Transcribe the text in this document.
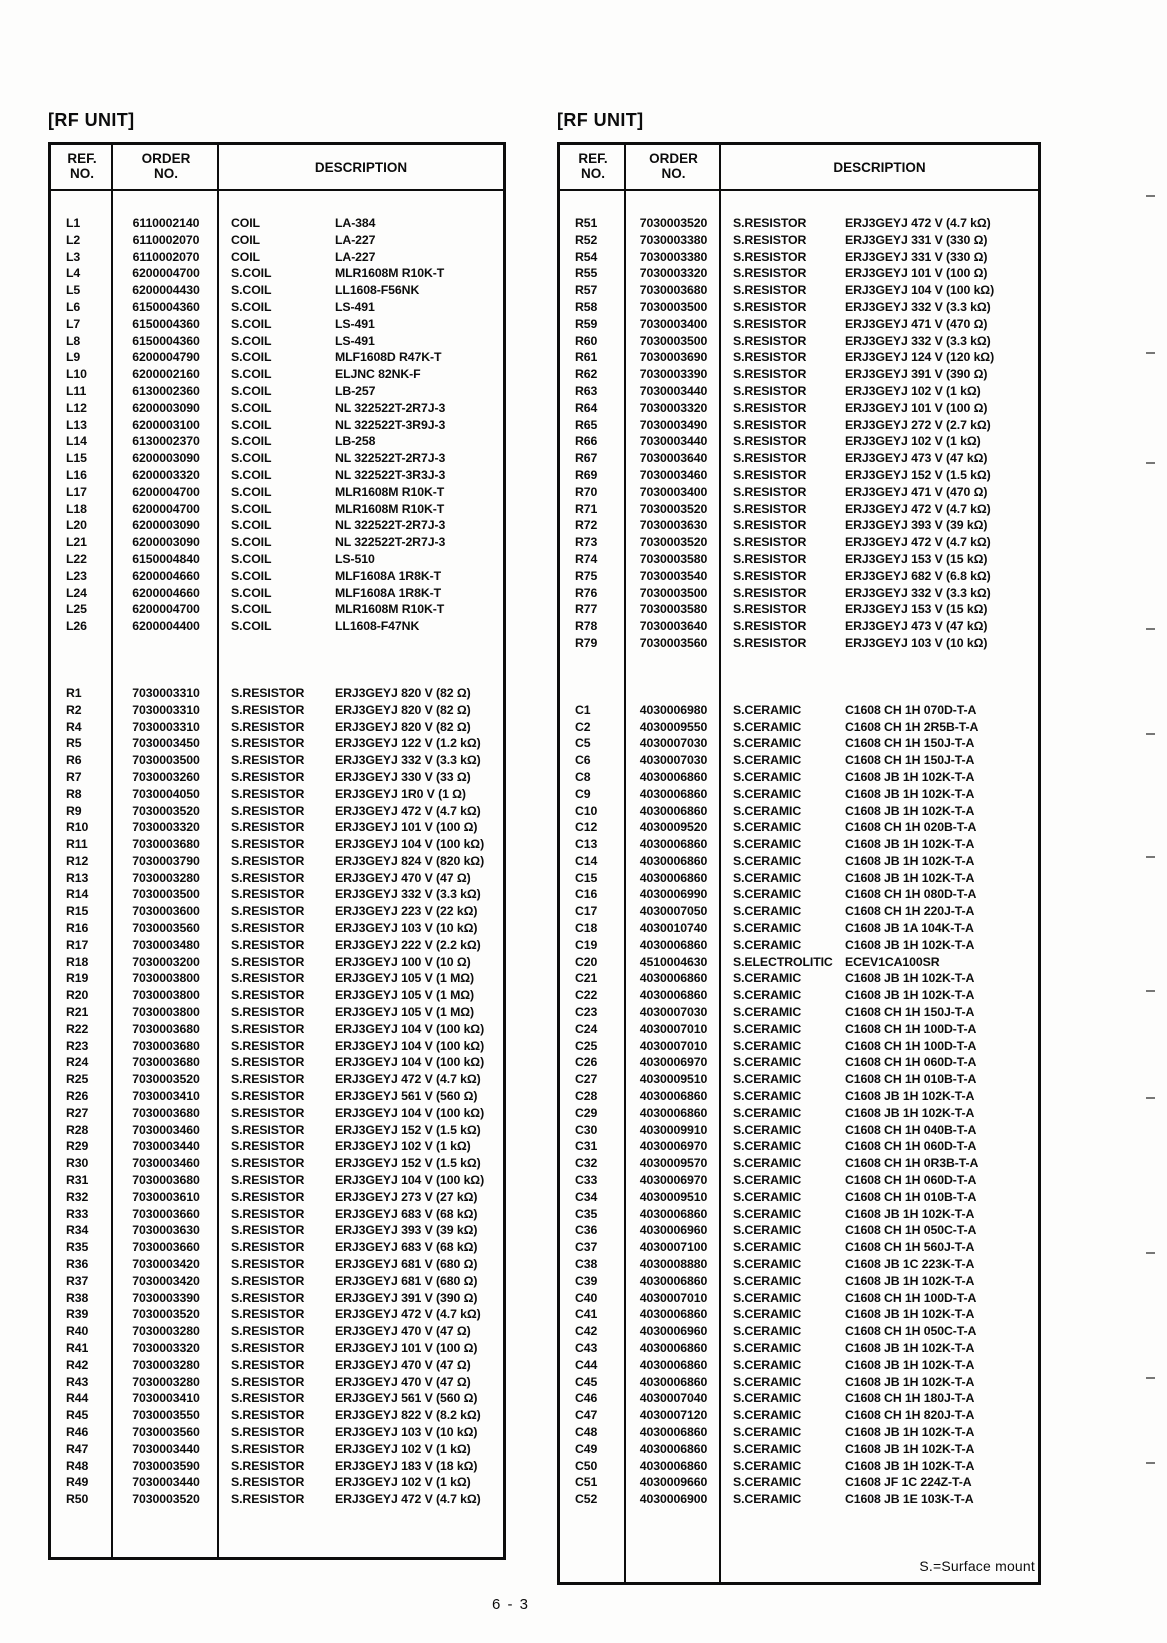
[RF UNIT]
REF.
NO.
ORDER
NO.	DESCRIPTION
L1	6110002140	COIL	LA-384
L2	6110002070	COIL	LA-227
L3	6110002070	COIL	LA-227
L4	6200004700	S.COIL	MLR1608M R10K-T
L5	6200004430	S.COIL	LL1608-F56NK
L6	6150004360	S.COIL	LS-491
L7	6150004360	S.COIL	LS-491
L8	6150004360	S.COIL	LS-491
L9	6200004790	S.COIL	MLF1608D R47K-T
L10	6200002160	S.COIL	ELJNC 82NK-F
L11	6130002360	S.COIL	LB-257
L12	6200003090	S.COIL	NL 322522T-2R7J-3
L13	6200003100	S.COIL	NL 322522T-3R9J-3
L14	6130002370	S.COIL	LB-258
L15	6200003090	S.COIL	NL 322522T-2R7J-3
L16	6200003320	S.COIL	NL 322522T-3R3J-3
L17	6200004700	S.COIL	MLR1608M R10K-T
L18	6200004700	S.COIL	MLR1608M R10K-T
L20	6200003090	S.COIL	NL 322522T-2R7J-3
L21	6200003090	S.COIL	NL 322522T-2R7J-3
L22	6150004840	S.COIL	LS-510
L23	6200004660	S.COIL	MLF1608A 1R8K-T
L24	6200004660	S.COIL	MLF1608A 1R8K-T
L25	6200004700	S.COIL	MLR1608M R10K-T
L26	6200004400	S.COIL	LL1608-F47NK
R1	7030003310	S.RESISTOR	ERJ3GEYJ 820 V (82 Ω)
R2	7030003310	S.RESISTOR	ERJ3GEYJ 820 V (82 Ω)
R4	7030003310	S.RESISTOR	ERJ3GEYJ 820 V (82 Ω)
R5	7030003450	S.RESISTOR	ERJ3GEYJ 122 V (1.2 kΩ)
R6	7030003500	S.RESISTOR	ERJ3GEYJ 332 V (3.3 kΩ)
R7	7030003260	S.RESISTOR	ERJ3GEYJ 330 V (33 Ω)
R8	7030004050	S.RESISTOR	ERJ3GEYJ 1R0 V (1 Ω)
R9	7030003520	S.RESISTOR	ERJ3GEYJ 472 V (4.7 kΩ)
R10	7030003320	S.RESISTOR	ERJ3GEYJ 101 V (100 Ω)
R11	7030003680	S.RESISTOR	ERJ3GEYJ 104 V (100 kΩ)
R12	7030003790	S.RESISTOR	ERJ3GEYJ 824 V (820 kΩ)
R13	7030003280	S.RESISTOR	ERJ3GEYJ 470 V (47 Ω)
R14	7030003500	S.RESISTOR	ERJ3GEYJ 332 V (3.3 kΩ)
R15	7030003600	S.RESISTOR	ERJ3GEYJ 223 V (22 kΩ)
R16	7030003560	S.RESISTOR	ERJ3GEYJ 103 V (10 kΩ)
R17	7030003480	S.RESISTOR	ERJ3GEYJ 222 V (2.2 kΩ)
R18	7030003200	S.RESISTOR	ERJ3GEYJ 100 V (10 Ω)
R19	7030003800	S.RESISTOR	ERJ3GEYJ 105 V (1 MΩ)
R20	7030003800	S.RESISTOR	ERJ3GEYJ 105 V (1 MΩ)
R21	7030003800	S.RESISTOR	ERJ3GEYJ 105 V (1 MΩ)
R22	7030003680	S.RESISTOR	ERJ3GEYJ 104 V (100 kΩ)
R23	7030003680	S.RESISTOR	ERJ3GEYJ 104 V (100 kΩ)
R24	7030003680	S.RESISTOR	ERJ3GEYJ 104 V (100 kΩ)
R25	7030003520	S.RESISTOR	ERJ3GEYJ 472 V (4.7 kΩ)
R26	7030003410	S.RESISTOR	ERJ3GEYJ 561 V (560 Ω)
R27	7030003680	S.RESISTOR	ERJ3GEYJ 104 V (100 kΩ)
R28	7030003460	S.RESISTOR	ERJ3GEYJ 152 V (1.5 kΩ)
R29	7030003440	S.RESISTOR	ERJ3GEYJ 102 V (1 kΩ)
R30	7030003460	S.RESISTOR	ERJ3GEYJ 152 V (1.5 kΩ)
R31	7030003680	S.RESISTOR	ERJ3GEYJ 104 V (100 kΩ)
R32	7030003610	S.RESISTOR	ERJ3GEYJ 273 V (27 kΩ)
R33	7030003660	S.RESISTOR	ERJ3GEYJ 683 V (68 kΩ)
R34	7030003630	S.RESISTOR	ERJ3GEYJ 393 V (39 kΩ)
R35	7030003660	S.RESISTOR	ERJ3GEYJ 683 V (68 kΩ)
R36	7030003420	S.RESISTOR	ERJ3GEYJ 681 V (680 Ω)
R37	7030003420	S.RESISTOR	ERJ3GEYJ 681 V (680 Ω)
R38	7030003390	S.RESISTOR	ERJ3GEYJ 391 V (390 Ω)
R39	7030003520	S.RESISTOR	ERJ3GEYJ 472 V (4.7 kΩ)
R40	7030003280	S.RESISTOR	ERJ3GEYJ 470 V (47 Ω)
R41	7030003320	S.RESISTOR	ERJ3GEYJ 101 V (100 Ω)
R42	7030003280	S.RESISTOR	ERJ3GEYJ 470 V (47 Ω)
R43	7030003280	S.RESISTOR	ERJ3GEYJ 470 V (47 Ω)
R44	7030003410	S.RESISTOR	ERJ3GEYJ 561 V (560 Ω)
R45	7030003550	S.RESISTOR	ERJ3GEYJ 822 V (8.2 kΩ)
R46	7030003560	S.RESISTOR	ERJ3GEYJ 103 V (10 kΩ)
R47	7030003440	S.RESISTOR	ERJ3GEYJ 102 V (1 kΩ)
R48	7030003590	S.RESISTOR	ERJ3GEYJ 183 V (18 kΩ)
R49	7030003440	S.RESISTOR	ERJ3GEYJ 102 V (1 kΩ)
R50	7030003520	S.RESISTOR	ERJ3GEYJ 472 V (4.7 kΩ)
[RF UNIT]
REF.
NO.
ORDER
NO.	DESCRIPTION
R51	7030003520	S.RESISTOR	ERJ3GEYJ 472 V (4.7 kΩ)
R52	7030003380	S.RESISTOR	ERJ3GEYJ 331 V (330 Ω)
R54	7030003380	S.RESISTOR	ERJ3GEYJ 331 V (330 Ω)
R55	7030003320	S.RESISTOR	ERJ3GEYJ 101 V (100 Ω)
R57	7030003680	S.RESISTOR	ERJ3GEYJ 104 V (100 kΩ)
R58	7030003500	S.RESISTOR	ERJ3GEYJ 332 V (3.3 kΩ)
R59	7030003400	S.RESISTOR	ERJ3GEYJ 471 V (470 Ω)
R60	7030003500	S.RESISTOR	ERJ3GEYJ 332 V (3.3 kΩ)
R61	7030003690	S.RESISTOR	ERJ3GEYJ 124 V (120 kΩ)
R62	7030003390	S.RESISTOR	ERJ3GEYJ 391 V (390 Ω)
R63	7030003440	S.RESISTOR	ERJ3GEYJ 102 V (1 kΩ)
R64	7030003320	S.RESISTOR	ERJ3GEYJ 101 V (100 Ω)
R65	7030003490	S.RESISTOR	ERJ3GEYJ 272 V (2.7 kΩ)
R66	7030003440	S.RESISTOR	ERJ3GEYJ 102 V (1 kΩ)
R67	7030003640	S.RESISTOR	ERJ3GEYJ 473 V (47 kΩ)
R69	7030003460	S.RESISTOR	ERJ3GEYJ 152 V (1.5 kΩ)
R70	7030003400	S.RESISTOR	ERJ3GEYJ 471 V (470 Ω)
R71	7030003520	S.RESISTOR	ERJ3GEYJ 472 V (4.7 kΩ)
R72	7030003630	S.RESISTOR	ERJ3GEYJ 393 V (39 kΩ)
R73	7030003520	S.RESISTOR	ERJ3GEYJ 472 V (4.7 kΩ)
R74	7030003580	S.RESISTOR	ERJ3GEYJ 153 V (15 kΩ)
R75	7030003540	S.RESISTOR	ERJ3GEYJ 682 V (6.8 kΩ)
R76	7030003500	S.RESISTOR	ERJ3GEYJ 332 V (3.3 kΩ)
R77	7030003580	S.RESISTOR	ERJ3GEYJ 153 V (15 kΩ)
R78	7030003640	S.RESISTOR	ERJ3GEYJ 473 V (47 kΩ)
R79	7030003560	S.RESISTOR	ERJ3GEYJ 103 V (10 kΩ)
C1	4030006980	S.CERAMIC	C1608 CH 1H 070D-T-A
C2	4030009550	S.CERAMIC	C1608 CH 1H 2R5B-T-A
C5	4030007030	S.CERAMIC	C1608 CH 1H 150J-T-A
C6	4030007030	S.CERAMIC	C1608 CH 1H 150J-T-A
C8	4030006860	S.CERAMIC	C1608 JB 1H 102K-T-A
C9	4030006860	S.CERAMIC	C1608 JB 1H 102K-T-A
C10	4030006860	S.CERAMIC	C1608 JB 1H 102K-T-A
C12	4030009520	S.CERAMIC	C1608 CH 1H 020B-T-A
C13	4030006860	S.CERAMIC	C1608 JB 1H 102K-T-A
C14	4030006860	S.CERAMIC	C1608 JB 1H 102K-T-A
C15	4030006860	S.CERAMIC	C1608 JB 1H 102K-T-A
C16	4030006990	S.CERAMIC	C1608 CH 1H 080D-T-A
C17	4030007050	S.CERAMIC	C1608 CH 1H 220J-T-A
C18	4030010740	S.CERAMIC	C1608 JB 1A 104K-T-A
C19	4030006860	S.CERAMIC	C1608 JB 1H 102K-T-A
C20	4510004630	S.ELECTROLITIC ECEV1CA100SR
C21	4030006860	S.CERAMIC	C1608 JB 1H 102K-T-A
C22	4030006860	S.CERAMIC	C1608 JB 1H 102K-T-A
C23	4030007030	S.CERAMIC	C1608 CH 1H 150J-T-A
C24	4030007010	S.CERAMIC	C1608 CH 1H 100D-T-A
C25	4030007010	S.CERAMIC	C1608 CH 1H 100D-T-A
C26	4030006970	S.CERAMIC	C1608 CH 1H 060D-T-A
C27	4030009510	S.CERAMIC	C1608 CH 1H 010B-T-A
C28	4030006860	S.CERAMIC	C1608 JB 1H 102K-T-A
C29	4030006860	S.CERAMIC	C1608 JB 1H 102K-T-A
C30	4030009910	S.CERAMIC	C1608 CH 1H 040B-T-A
C31	4030006970	S.CERAMIC	C1608 CH 1H 060D-T-A
C32	4030009570	S.CERAMIC	C1608 CH 1H 0R3B-T-A
C33	4030006970	S.CERAMIC	C1608 CH 1H 060D-T-A
C34	4030009510	S.CERAMIC	C1608 CH 1H 010B-T-A
C35	4030006860	S.CERAMIC	C1608 JB 1H 102K-T-A
C36	4030006960	S.CERAMIC	C1608 CH 1H 050C-T-A
C37	4030007100	S.CERAMIC	C1608 CH 1H 560J-T-A
C38	4030008880	S.CERAMIC	C1608 JB 1C 223K-T-A
C39	4030006860	S.CERAMIC	C1608 JB 1H 102K-T-A
C40	4030007010	S.CERAMIC	C1608 CH 1H 100D-T-A
C41	4030006860	S.CERAMIC	C1608 JB 1H 102K-T-A
C42	4030006960	S.CERAMIC	C1608 CH 1H 050C-T-A
C43	4030006860	S.CERAMIC	C1608 JB 1H 102K-T-A
C44	4030006860	S.CERAMIC	C1608 JB 1H 102K-T-A
C45	4030006860	S.CERAMIC	C1608 JB 1H 102K-T-A
C46	4030007040	S.CERAMIC	C1608 CH 1H 180J-T-A
C47	4030007120	S.CERAMIC	C1608 CH 1H 820J-T-A
C48	4030006860	S.CERAMIC	C1608 JB 1H 102K-T-A
C49	4030006860	S.CERAMIC	C1608 JB 1H 102K-T-A
C50	4030006860	S.CERAMIC	C1608 JB 1H 102K-T-A
C51	4030009660	S.CERAMIC	C1608 JF 1C 224Z-T-A
C52	4030006900	S.CERAMIC	C1608 JB 1E 103K-T-A
S.=Surface mount
6 - 3
